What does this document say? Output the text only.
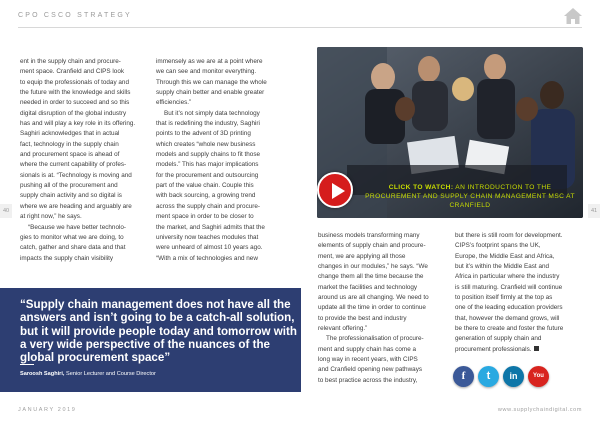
CPO CSCO STRATEGY
40	41

ent in the supply chain and procure-

ment space. Cranfield and CIPS look

to equip the professionals of today and

the future with the knowledge and skills

needed in order to succeed and so this

digital disruption of the global industry

has and will play a key role in its offering.

Saghiri acknowledges that in actual

fact, technology in the supply chain

and procurement space is ahead of

where the current capability of profes-

sionals is at. “Technology is moving and

pushing all of the procurement and

supply chain activity and so digital is

where we are heading and arguably are

at right now,” he says.

“Because we have better technolo-

gies to monitor what we are doing, to

catch, gather and share data and that

impacts the supply chain visibility

immensely as we are at a point where

we can see and monitor everything.

Through this we can manage the whole

supply chain better and enable greater

efficiencies.”

But it’s not simply data technology

that is redefining the industry, Saghiri

points to the advent of 3D printing

which creates “whole new business

models and supply chains to fit those

models.” This has major implications

for the procurement and outsourcing

part of the value chain. Couple this

with back sourcing, a growing trend

across the supply chain and procure-

ment space in order to be closer to

the market, and Saghiri admits that the

university now teaches modules that

were unheard of almost 10 years ago.

“With a mix of technologies and new

CLICK TO WATCH: AN INTRODUCTION TO THE PROCUREMENT AND SUPPLY CHAIN MANAGEMENT MSC AT CRANFIELD

business models transforming many

elements of supply chain and procure-

ment, we are applying all those

changes in our modules,” he says. “We

change them all the time because the

market the facilities and technology

around us are all changing. We need to

update all the time in order to continue

to provide the best and industry

relevant offering.”

The professionalisation of procure-

ment and supply chain has come a

long way in recent years, with CIPS

and Cranfield opening new pathways

to best practice across the industry,

but there is still room for development.

CIPS’s footprint spans the UK,

Europe, the Middle East and Africa,

but it’s within the Middle East and

Africa in particular where the industry

is still maturing. Cranfield will continue

to position itself firmly at the top as

one of the leading education providers

that, however the demand grows, will

be there to create and foster the future

generation of supply chain and

procurement professionals.

“Supply chain management does not have all the answers and isn’t going to be a catch-all solution, but it will provide people today and tomorrow with a very wide perspective of the nuances of the global procurement space”
Saroosh Saghiri, Senior Lecturer and Course Director	f	t	in	You
JANUARY 2019	www.supplychaindigital.com
